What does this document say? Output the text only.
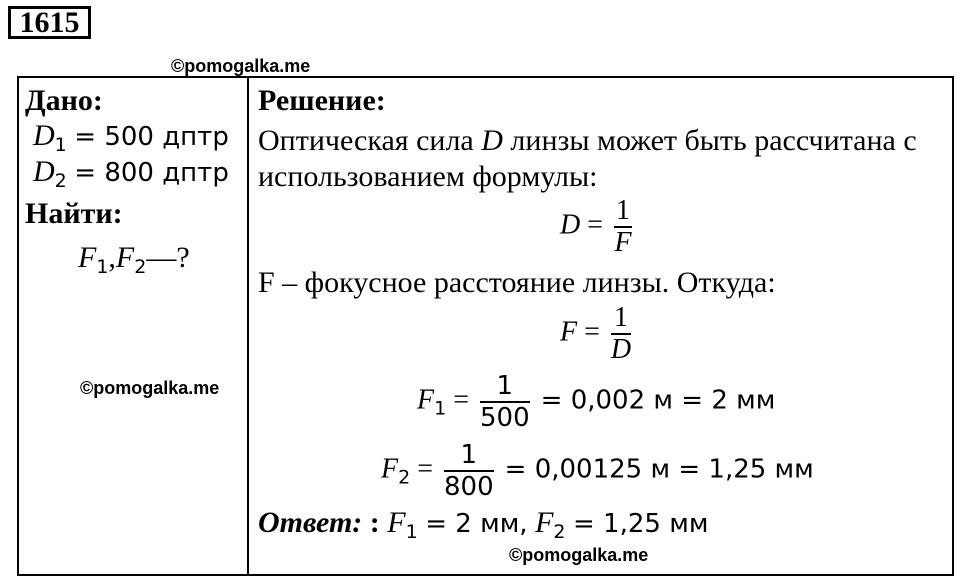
1615
©pomogalka.me
Дано:
$D_1 = 500$ дптр
$D_2 = 800$ дптр
Найти:
$F_1,F_2—$?
©pomogalka.me
Решение:
Оптическая сила D линзы может быть рассчитана с
использованием формулы:
$D = \frac{1}{F}$
F – фокусное расстояние линзы. Откуда:
$F = \frac{1}{D}$
$F_1 = \frac{1}{500} = 0,002$ м = 2 мм
$F_2 = \frac{1}{800} = 0,00125$ м = 1,25 мм
Ответ: : $F_1 = 2$ мм, $F_2 = 1,25$ мм
©pomogalka.me
